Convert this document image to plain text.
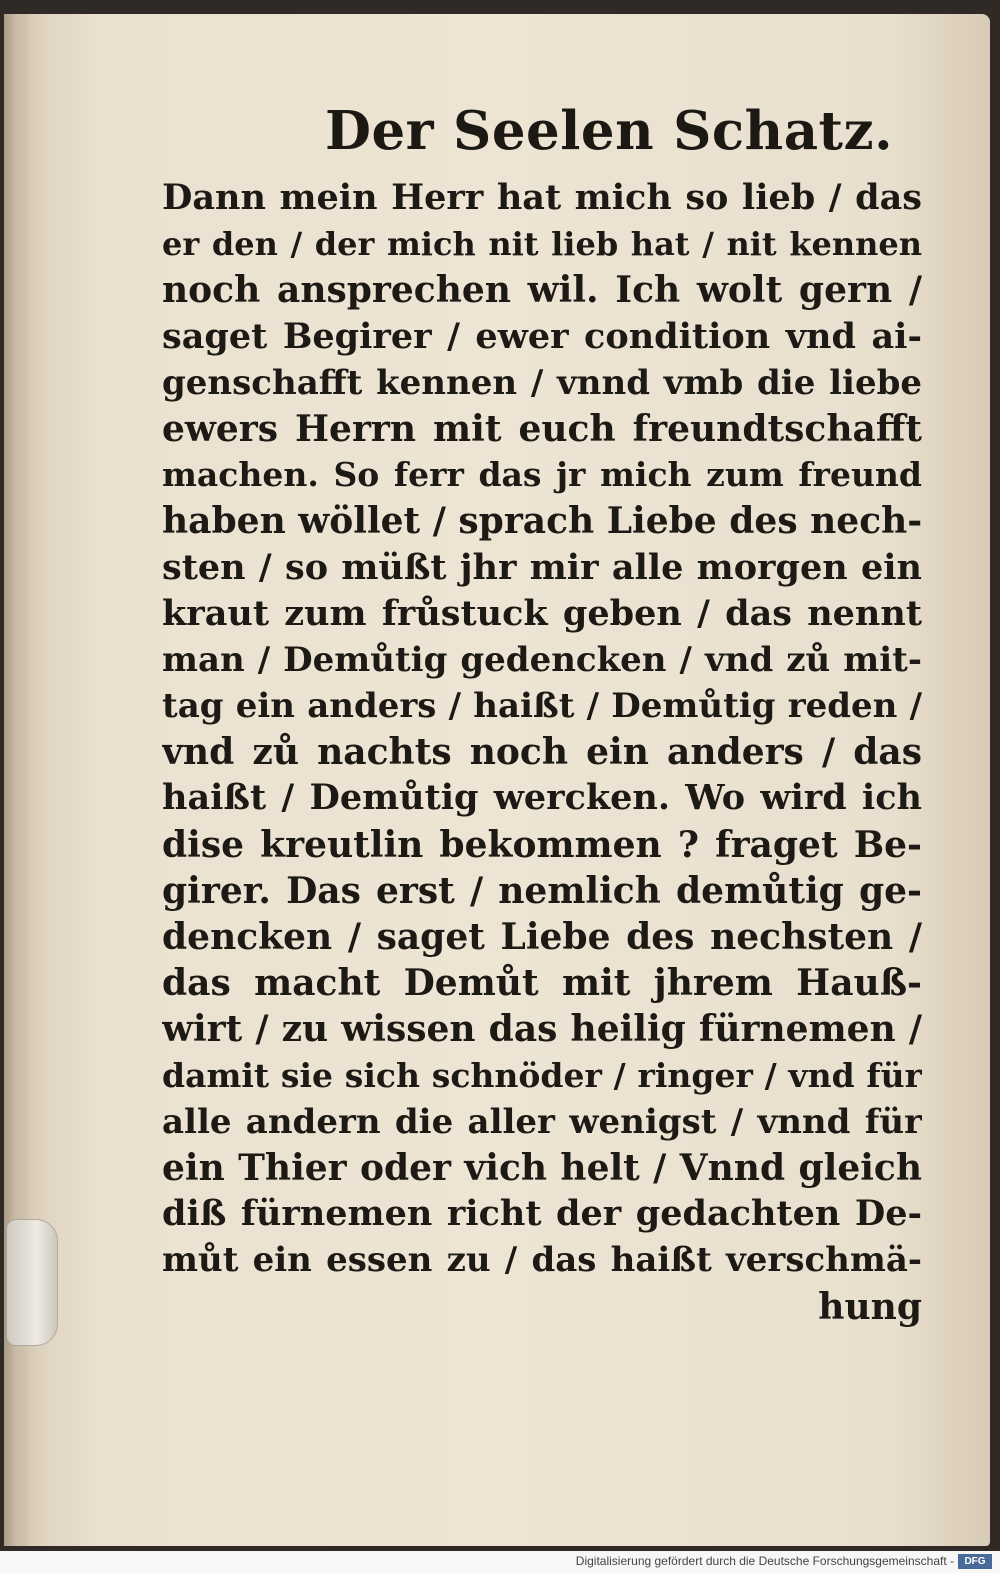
Der Seelen Schatz.
Dann mein Herr hat mich so lieb / das
er den / der mich nit lieb hat / nit kennen
noch ansprechen wil. Ich wolt gern /
saget Begirer / ewer condition vnd ai-
genschafft kennen / vnnd vmb die liebe
ewers Herrn mit euch freundtschafft
machen. So ferr das jr mich zum freund
haben wöllet / sprach Liebe des nech-
sten / so müßt jhr mir alle morgen ein
kraut zum frůstuck geben / das nennt
man / Demůtig gedencken / vnd zů mit-
tag ein anders / haißt / Demůtig reden /
vnd zů nachts noch ein anders / das
haißt / Demůtig wercken. Wo wird ich
dise kreutlin bekommen ? fraget Be-
girer. Das erst / nemlich demůtig ge-
dencken / saget Liebe des nechsten /
das macht Demůt mit jhrem Hauß-
wirt / zu wissen das heilig fürnemen /
damit sie sich schnöder / ringer / vnd für
alle andern die aller wenigst / vnnd für
ein Thier oder vich helt / Vnnd gleich
diß fürnemen richt der gedachten De-
můt ein essen zu / das haißt verschmä-
hung
Digitalisierung gefördert durch die Deutsche Forschungsgemeinschaft -	DFG
